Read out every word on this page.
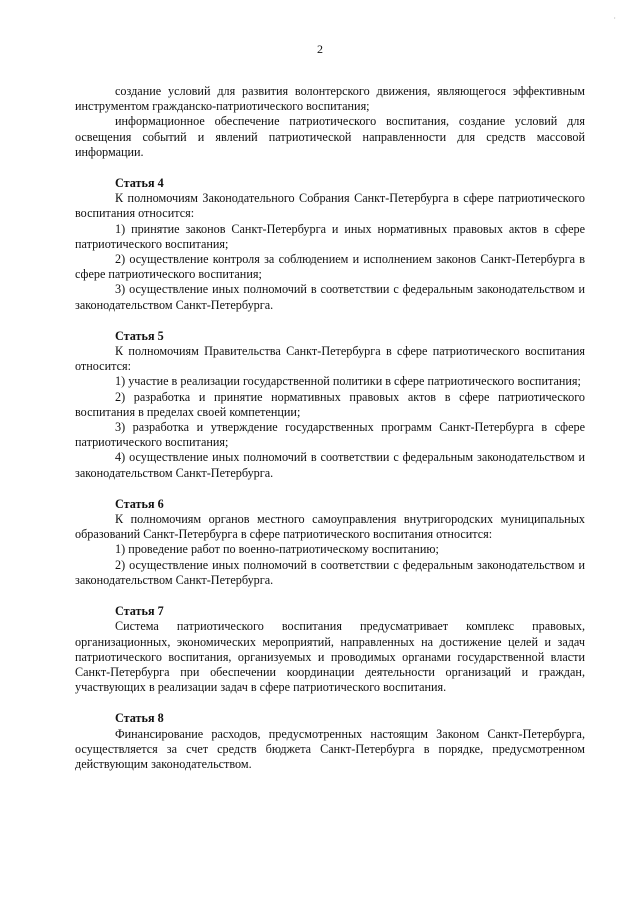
·
2

создание условий для развития волонтерского движения, являющегося эффективным инструментом гражданско-патриотического воспитания;

информационное обеспечение патриотического воспитания, создание условий для освещения событий и явлений патриотической направленности для средств массовой информации.

Статья 4

К полномочиям Законодательного Собрания Санкт-Петербурга в сфере патриотического воспитания относится:

1) принятие законов Санкт-Петербурга и иных нормативных правовых актов в сфере патриотического воспитания;

2) осуществление контроля за соблюдением и исполнением законов Санкт-Петербурга в сфере патриотического воспитания;

3) осуществление иных полномочий в соответствии с федеральным законодательством и законодательством Санкт-Петербурга.

Статья 5

К полномочиям Правительства Санкт-Петербурга в сфере патриотического воспитания относится:

1) участие в реализации государственной политики в сфере патриотического воспитания;

2) разработка и принятие нормативных правовых актов в сфере патриотического воспитания в пределах своей компетенции;

3) разработка и утверждение государственных программ Санкт-Петербурга в сфере патриотического воспитания;

4) осуществление иных полномочий в соответствии с федеральным законодательством и законодательством Санкт-Петербурга.

Статья 6

К полномочиям органов местного самоуправления внутригородских муниципальных образований Санкт-Петербурга в сфере патриотического воспитания относится:

1) проведение работ по военно-патриотическому воспитанию;

2) осуществление иных полномочий в соответствии с федеральным законодательством и законодательством Санкт-Петербурга.

Статья 7

Система патриотического воспитания предусматривает комплекс правовых, организационных, экономических мероприятий, направленных на достижение целей и задач патриотического воспитания, организуемых и проводимых органами государственной власти Санкт-Петербурга при обеспечении координации деятельности организаций и граждан, участвующих в реализации задач в сфере патриотического воспитания.

Статья 8

Финансирование расходов, предусмотренных настоящим Законом Санкт-Петербурга, осуществляется за счет средств бюджета Санкт-Петербурга в порядке, предусмотренном действующим законодательством.
